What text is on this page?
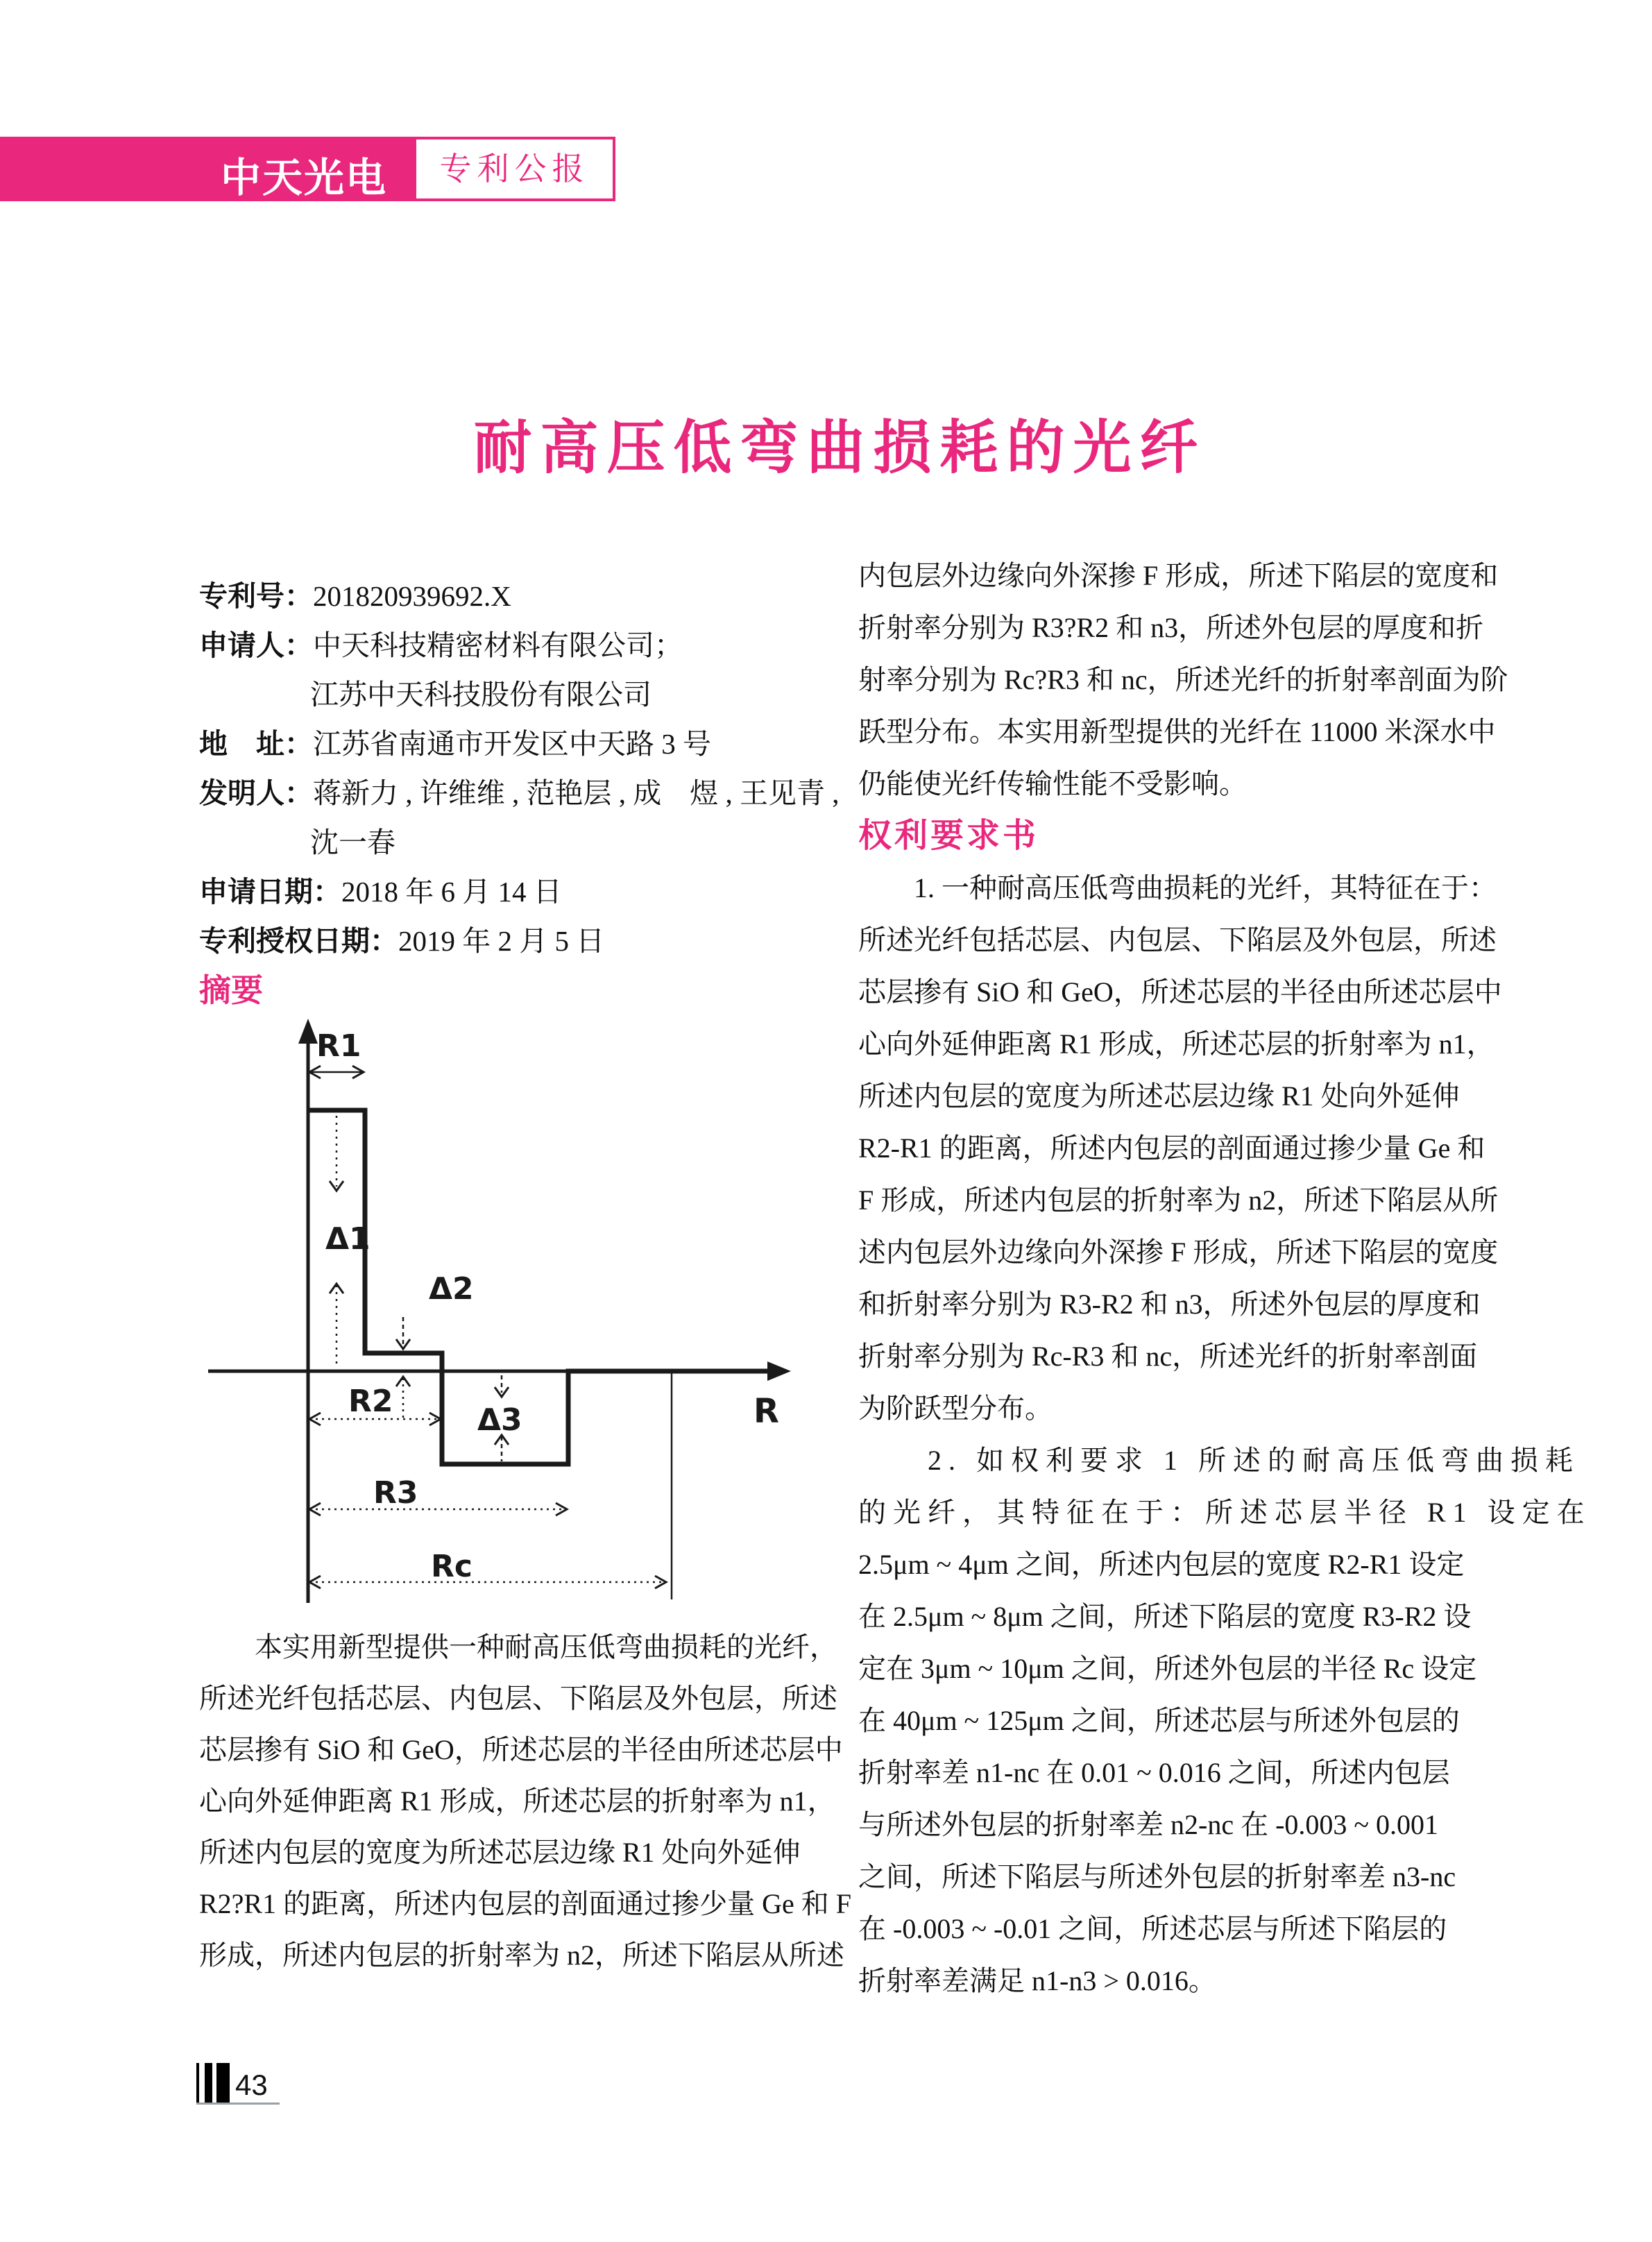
中天光电	专利公报
耐高压低弯曲损耗的光纤
专利号：201820939692.X
申请人：中天科技精密材料有限公司；
江苏中天科技股份有限公司
地　址：江苏省南通市开发区中天路 3 号
发明人：蒋新力 , 许维维 , 范艳层 , 成　煜 , 王见青 ,
沈一春
申请日期：2018 年 6 月 14 日
专利授权日期：2019 年 2 月 5 日
摘要
R
R1
Δ1
Δ2
Δ3
R2
R3
Rc
　　本实用新型提供一种耐高压低弯曲损耗的光纤，
所述光纤包括芯层、内包层、下陷层及外包层，所述
芯层掺有 SiO 和 GeO，所述芯层的半径由所述芯层中
心向外延伸距离 R1 形成，所述芯层的折射率为 n1，
所述内包层的宽度为所述芯层边缘 R1 处向外延伸
R2?R1 的距离，所述内包层的剖面通过掺少量 Ge 和 F
形成，所述内包层的折射率为 n2，所述下陷层从所述
内包层外边缘向外深掺 F 形成，所述下陷层的宽度和
折射率分别为 R3?R2 和 n3，所述外包层的厚度和折
射率分别为 Rc?R3 和 nc，所述光纤的折射率剖面为阶
跃型分布。本实用新型提供的光纤在 11000 米深水中
仍能使光纤传输性能不受影响。
权利要求书
　　1. 一种耐高压低弯曲损耗的光纤，其特征在于：
所述光纤包括芯层、内包层、下陷层及外包层，所述
芯层掺有 SiO 和 GeO，所述芯层的半径由所述芯层中
心向外延伸距离 R1 形成，所述芯层的折射率为 n1，
所述内包层的宽度为所述芯层边缘 R1 处向外延伸
R2-R1 的距离，所述内包层的剖面通过掺少量 Ge 和
F 形成，所述内包层的折射率为 n2，所述下陷层从所
述内包层外边缘向外深掺 F 形成，所述下陷层的宽度
和折射率分别为 R3-R2 和 n3，所述外包层的厚度和
折射率分别为 Rc-R3 和 nc，所述光纤的折射率剖面
为阶跃型分布。
　　2. 如权利要求 1 所述的耐高压低弯曲损耗
的光纤，其特征在于：所述芯层半径 R1 设定在
2.5μm ~ 4μm 之间，所述内包层的宽度 R2-R1 设定
在 2.5μm ~ 8μm 之间，所述下陷层的宽度 R3-R2 设
定在 3μm ~ 10μm 之间，所述外包层的半径 Rc 设定
在 40μm ~ 125μm 之间，所述芯层与所述外包层的
折射率差 n1-nc 在 0.01 ~ 0.016 之间，所述内包层
与所述外包层的折射率差 n2-nc 在 -0.003 ~ 0.001
之间，所述下陷层与所述外包层的折射率差 n3-nc
在 -0.003 ~ -0.01 之间，所述芯层与所述下陷层的
折射率差满足 n1-n3 > 0.016。
43
